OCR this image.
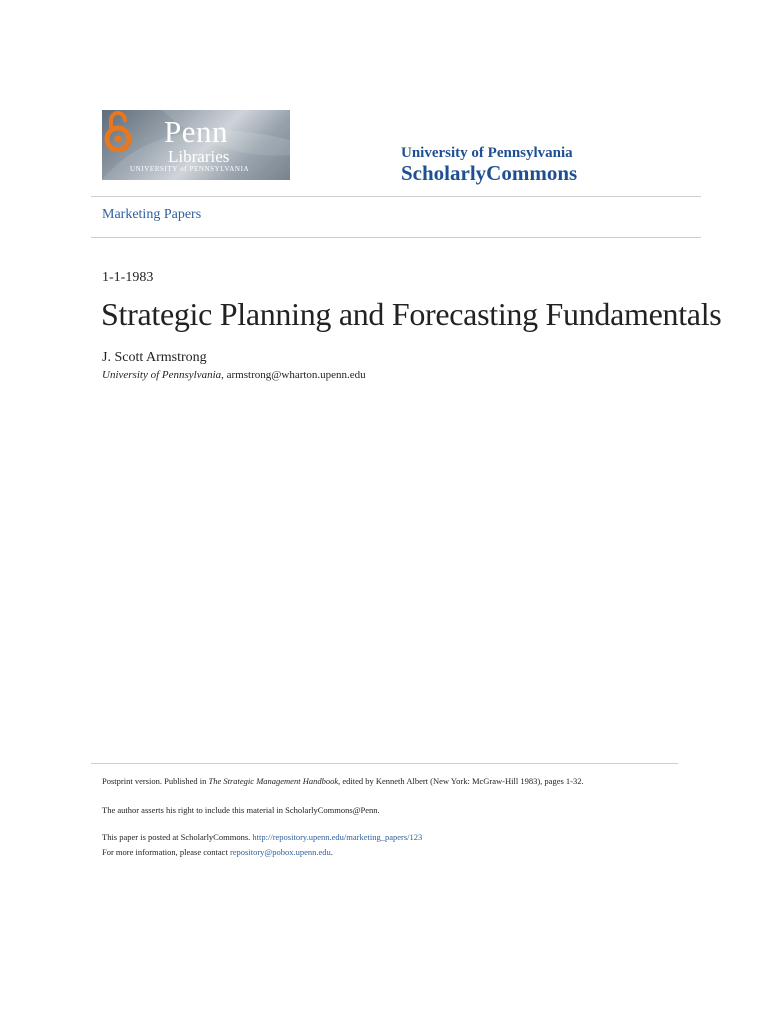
Penn
Libraries
UNIVERSITY of PENNSYLVANIA
University of Pennsylvania
ScholarlyCommons
Marketing Papers
1-1-1983
Strategic Planning and Forecasting Fundamentals
J. Scott Armstrong
University of Pennsylvania, armstrong@wharton.upenn.edu
Postprint version. Published in The Strategic Management Handbook, edited by Kenneth Albert (New York: McGraw-Hill 1983), pages 1-32.
The author asserts his right to include this material in ScholarlyCommons@Penn.
This paper is posted at ScholarlyCommons. http://repository.upenn.edu/marketing_papers/123
For more information, please contact repository@pobox.upenn.edu.
